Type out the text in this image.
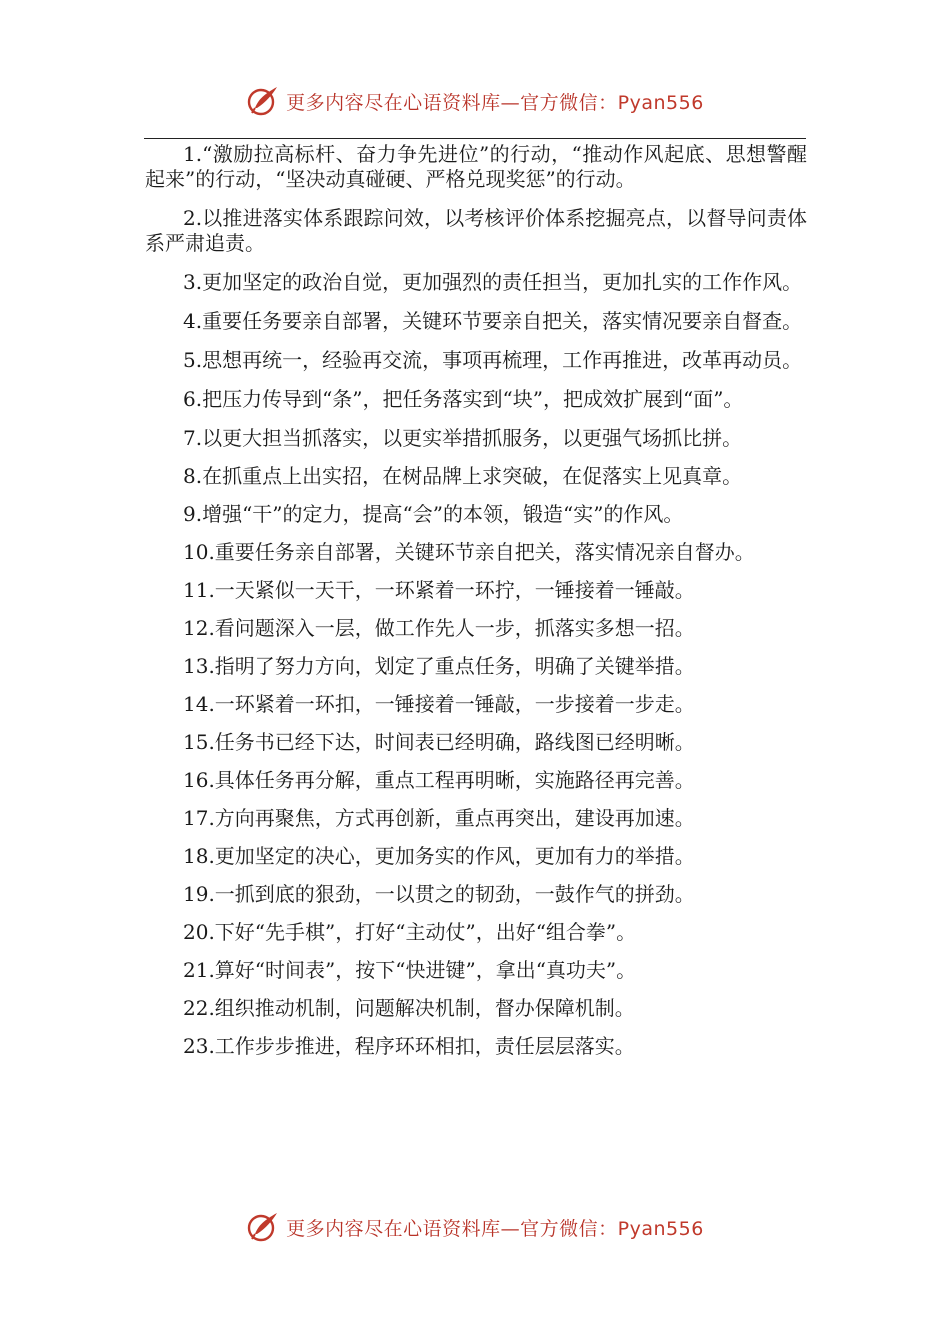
更多内容尽在心语资料库—官方微信：Pyan556

1.“激励拉高标杆、奋力争先进位”的行动，“推动作风起底、思想警醒起来”的行动，“坚决动真碰硬、严格兑现奖惩”的行动。

2.以推进落实体系跟踪问效，以考核评价体系挖掘亮点，以督导问责体系严肃追责。

3.更加坚定的政治自觉，更加强烈的责任担当，更加扎实的工作作风。

4.重要任务要亲自部署，关键环节要亲自把关，落实情况要亲自督查。

5.思想再统一，经验再交流，事项再梳理，工作再推进，改革再动员。

6.把压力传导到“条”，把任务落实到“块”，把成效扩展到“面”。

7.以更大担当抓落实，以更实举措抓服务，以更强气场抓比拼。

8.在抓重点上出实招，在树品牌上求突破，在促落实上见真章。

9.增强“干”的定力，提高“会”的本领，锻造“实”的作风。

10.重要任务亲自部署，关键环节亲自把关，落实情况亲自督办。

11.一天紧似一天干，一环紧着一环拧，一锤接着一锤敲。

12.看问题深入一层，做工作先人一步，抓落实多想一招。

13.指明了努力方向，划定了重点任务，明确了关键举措。

14.一环紧着一环扣，一锤接着一锤敲，一步接着一步走。

15.任务书已经下达，时间表已经明确，路线图已经明晰。

16.具体任务再分解，重点工程再明晰，实施路径再完善。

17.方向再聚焦，方式再创新，重点再突出，建设再加速。

18.更加坚定的决心，更加务实的作风，更加有力的举措。

19.一抓到底的狠劲，一以贯之的韧劲，一鼓作气的拼劲。

20.下好“先手棋”，打好“主动仗”，出好“组合拳”。

21.算好“时间表”，按下“快进键”，拿出“真功夫”。

22.组织推动机制，问题解决机制，督办保障机制。

23.工作步步推进，程序环环相扣，责任层层落实。

更多内容尽在心语资料库—官方微信：Pyan556
